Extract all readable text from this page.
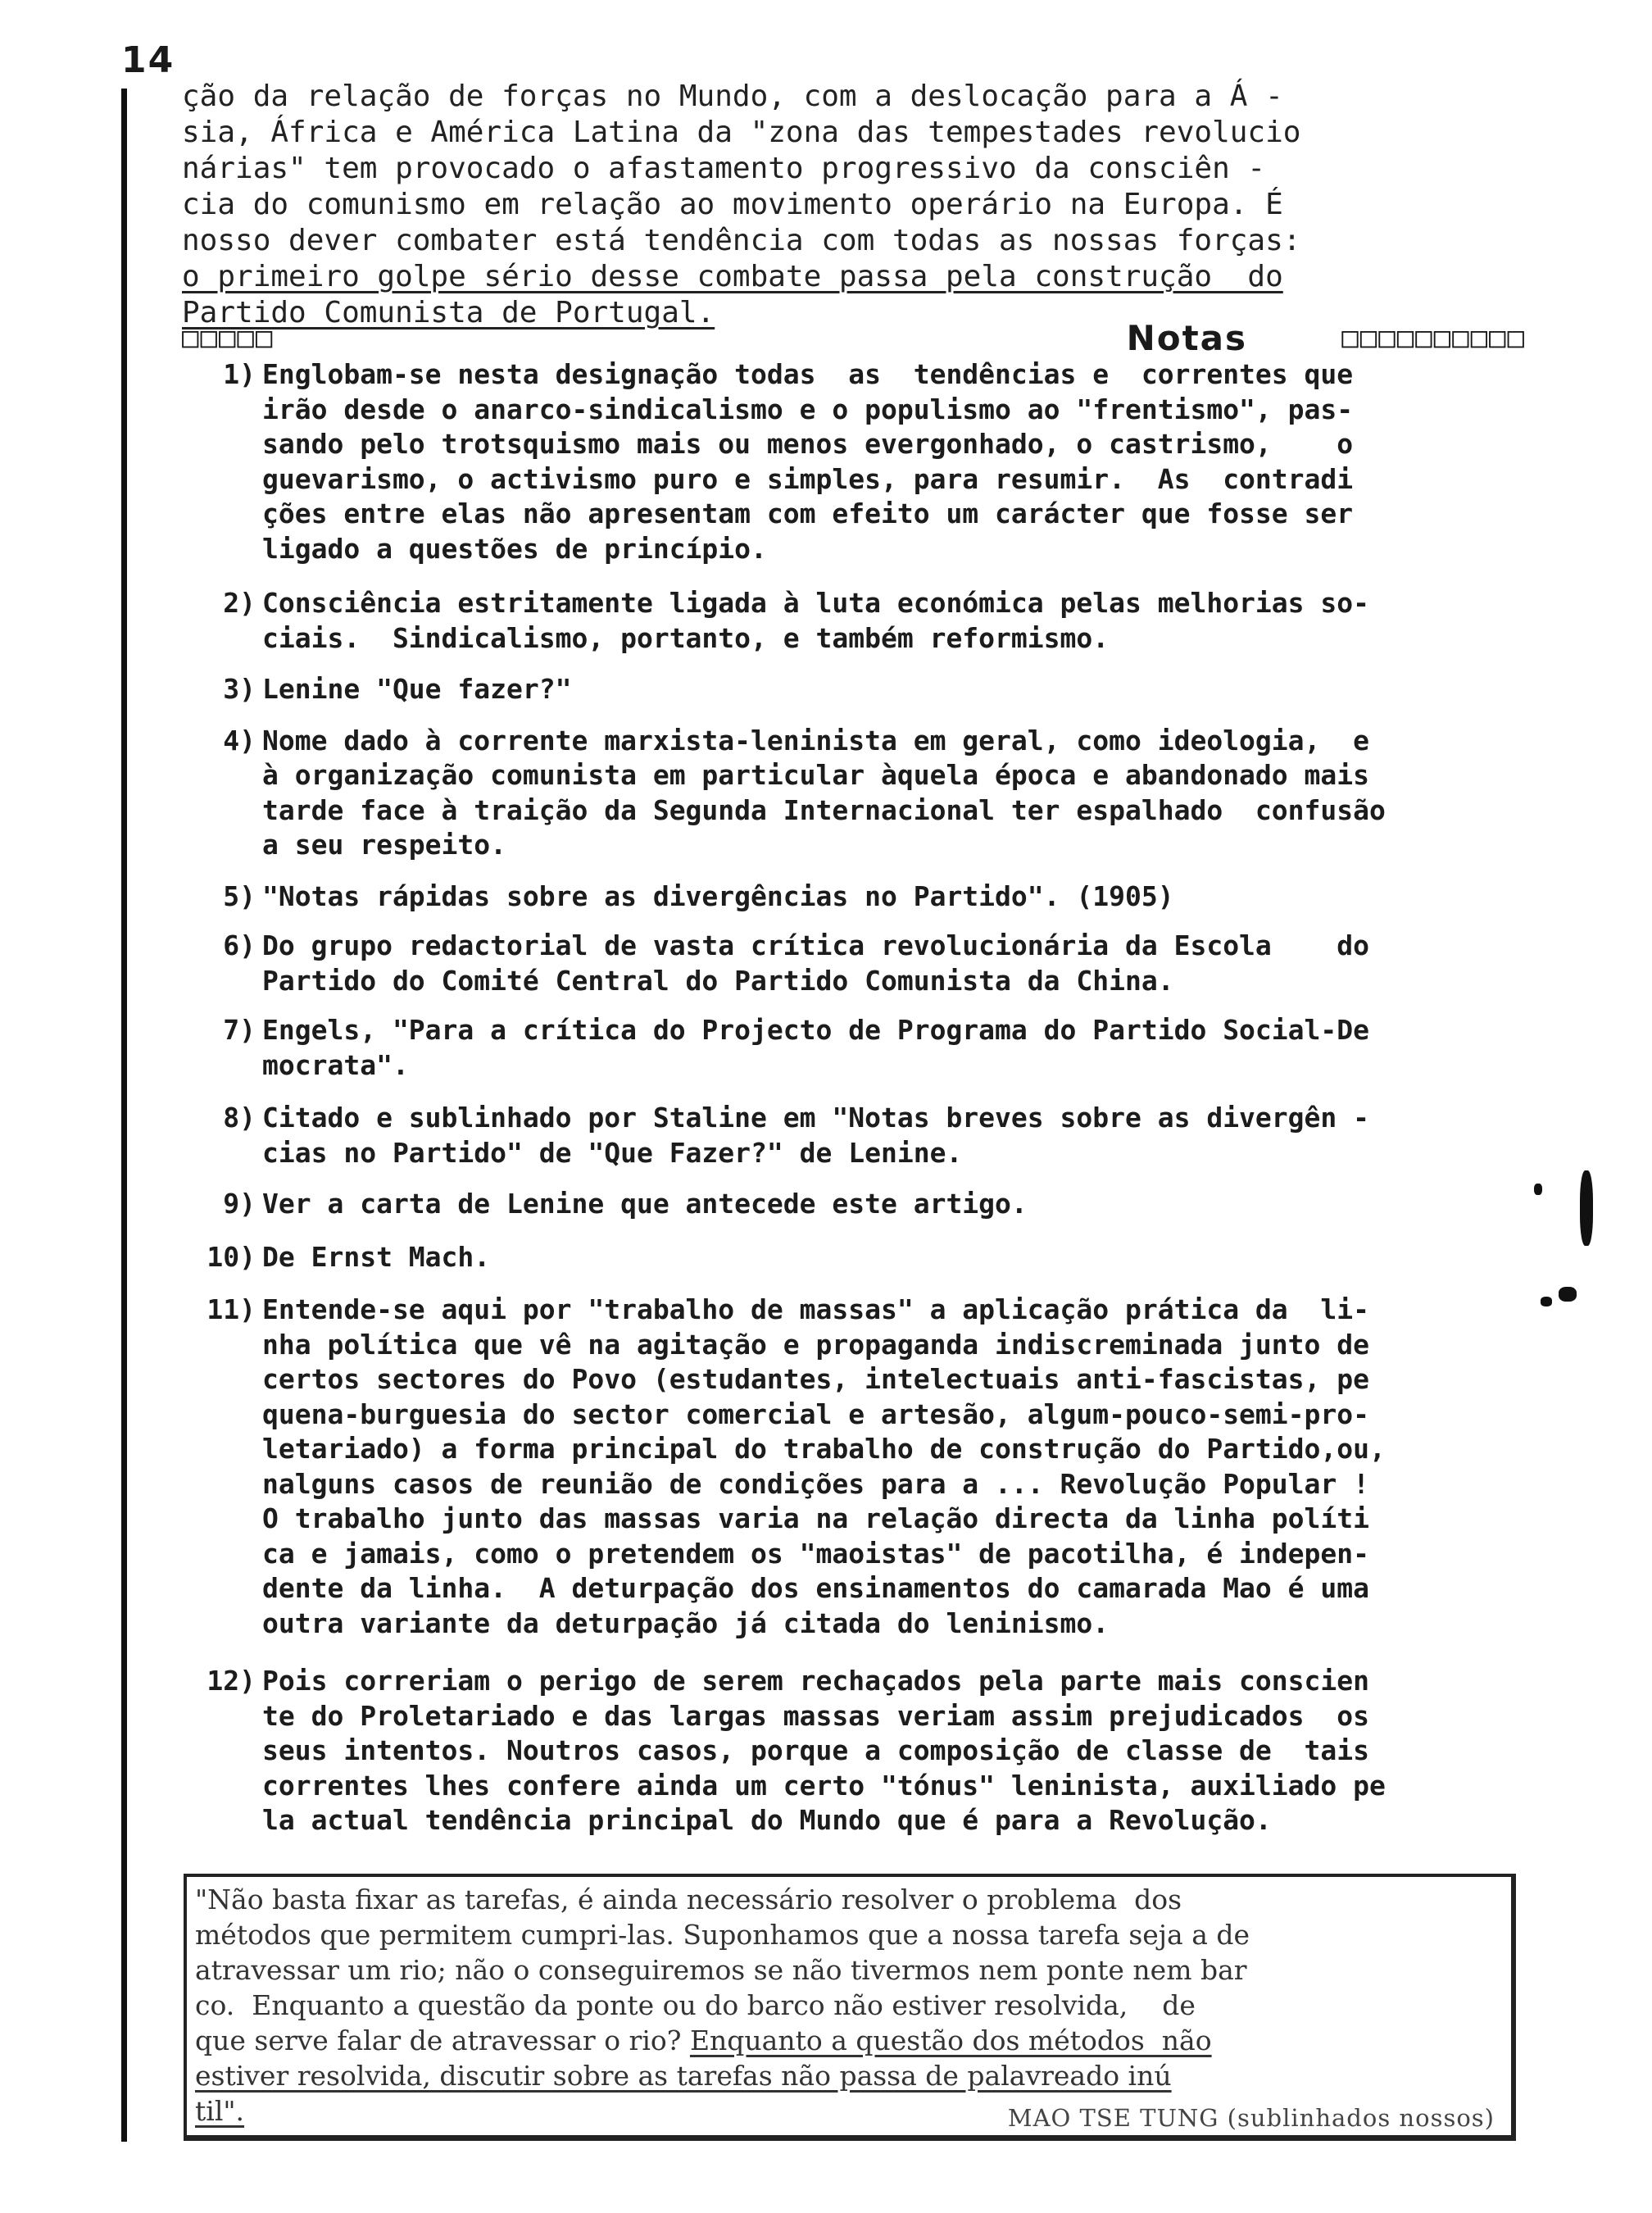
14
ção da relação de forças no Mundo, com a deslocação para a Á -
sia, África e América Latina da "zona das tempestades revolucio
nárias" tem provocado o afastamento progressivo da consciên -
cia do comunismo em relação ao movimento operário na Europa. É
nosso dever combater está tendência com todas as nossas forças:
o primeiro golpe sério desse combate passa pela construção  do
Partido Comunista de Portugal.
□□□□□	Notas	□□□□□□□□□□
1) Englobam-se nesta designação todas  as  tendências e  correntes que
irão desde o anarco-sindicalismo e o populismo ao "frentismo", pas-
sando pelo trotsquismo mais ou menos evergonhado, o castrismo,    o
guevarismo, o activismo puro e simples, para resumir.  As  contradi
ções entre elas não apresentam com efeito um carácter que fosse ser
ligado a questões de princípio.
2) Consciência estritamente ligada à luta económica pelas melhorias so-
ciais.  Sindicalismo, portanto, e também reformismo.
3) Lenine "Que fazer?"
4) Nome dado à corrente marxista-leninista em geral, como ideologia,  e
à organização comunista em particular àquela época e abandonado mais
tarde face à traição da Segunda Internacional ter espalhado  confusão
a seu respeito.
5) "Notas rápidas sobre as divergências no Partido". (1905)
6) Do grupo redactorial de vasta crítica revolucionária da Escola    do
Partido do Comité Central do Partido Comunista da China.
7) Engels, "Para a crítica do Projecto de Programa do Partido Social-De
mocrata".
8) Citado e sublinhado por Staline em "Notas breves sobre as divergên -
cias no Partido" de "Que Fazer?" de Lenine.
9) Ver a carta de Lenine que antecede este artigo.
10) De Ernst Mach.
11) Entende-se aqui por "trabalho de massas" a aplicação prática da  li-
nha política que vê na agitação e propaganda indiscreminada junto de
certos sectores do Povo (estudantes, intelectuais anti-fascistas, pe
quena-burguesia do sector comercial e artesão, algum-pouco-semi-pro-
letariado) a forma principal do trabalho de construção do Partido,ou,
nalguns casos de reunião de condições para a ... Revolução Popular !
O trabalho junto das massas varia na relação directa da linha políti
ca e jamais, como o pretendem os "maoistas" de pacotilha, é indepen-
dente da linha.  A deturpação dos ensinamentos do camarada Mao é uma
outra variante da deturpação já citada do leninismo.
12) Pois correriam o perigo de serem rechaçados pela parte mais conscien
te do Proletariado e das largas massas veriam assim prejudicados  os
seus intentos. Noutros casos, porque a composição de classe de  tais
correntes lhes confere ainda um certo "tónus" leninista, auxiliado pe
la actual tendência principal do Mundo que é para a Revolução.
"Não basta fixar as tarefas, é ainda necessário resolver o problema  dos
métodos que permitem cumpri-las. Suponhamos que a nossa tarefa seja a de
atravessar um rio; não o conseguiremos se não tivermos nem ponte nem bar
co.  Enquanto a questão da ponte ou do barco não estiver resolvida,    de
que serve falar de atravessar o rio? Enquanto a questão dos métodos  não
estiver resolvida, discutir sobre as tarefas não passa de palavreado inú
til".	MAO TSE TUNG (sublinhados nossos)
